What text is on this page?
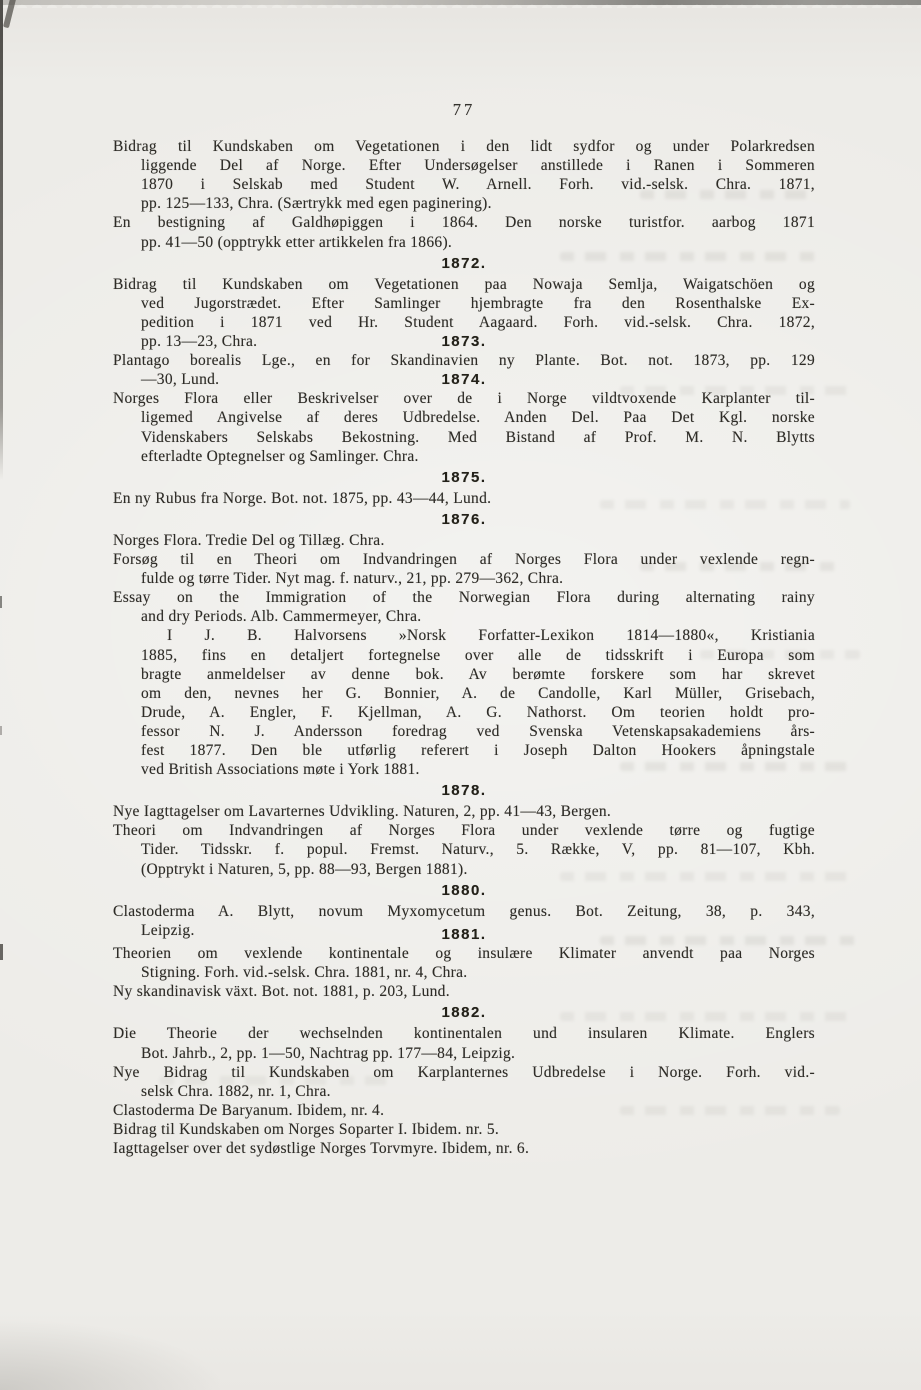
77
Bidrag til Kundskaben om Vegetationen i den lidt sydfor og under Polarkredsen
liggende Del af Norge. Efter Undersøgelser anstillede i Ranen i Sommeren
1870 i Selskab med Student W. Arnell. Forh. vid.-selsk. Chra. 1871,
pp. 125—133, Chra. (Særtrykk med egen paginering).
En bestigning af Galdhøpiggen i 1864. Den norske turistfor. aarbog 1871
pp. 41—50 (opptrykk etter artikkelen fra 1866).
1872.
Bidrag til Kundskaben om Vegetationen paa Nowaja Semlja, Waigatschöen og
ved Jugorstrædet. Efter Samlinger hjembragte fra den Rosenthalske Ex-
pedition i 1871 ved Hr. Student Aagaard. Forh. vid.-selsk. Chra. 1872,
pp. 13—23, Chra.	1873.
Plantago borealis Lge., en for Skandinavien ny Plante. Bot. not. 1873, pp. 129
—30, Lund.	1874.
Norges Flora eller Beskrivelser over de i Norge vildtvoxende Karplanter til-
ligemed Angivelse af deres Udbredelse. Anden Del. Paa Det Kgl. norske
Videnskabers Selskabs Bekostning. Med Bistand af Prof. M. N. Blytts
efterladte Optegnelser og Samlinger. Chra.
1875.
En ny Rubus fra Norge. Bot. not. 1875, pp. 43—44, Lund.
1876.
Norges Flora. Tredie Del og Tillæg. Chra.
Forsøg til en Theori om Indvandringen af Norges Flora under vexlende regn-
fulde og tørre Tider. Nyt mag. f. naturv., 21, pp. 279—362, Chra.
Essay on the Immigration of the Norwegian Flora during alternating rainy
and dry Periods. Alb. Cammermeyer, Chra.
I J. B. Halvorsens »Norsk Forfatter-Lexikon 1814—1880«, Kristiania
1885, fins en detaljert fortegnelse over alle de tidsskrift i Europa som
bragte anmeldelser av denne bok. Av berømte forskere som har skrevet
om den, nevnes her G. Bonnier, A. de Candolle, Karl Müller, Grisebach,
Drude, A. Engler, F. Kjellman, A. G. Nathorst. Om teorien holdt pro-
fessor N. J. Andersson foredrag ved Svenska Vetenskapsakademiens års-
fest 1877. Den ble utførlig referert i Joseph Dalton Hookers åpningstale
ved British Associations møte i York 1881.
1878.
Nye Iagttagelser om Lavarternes Udvikling. Naturen, 2, pp. 41—43, Bergen.
Theori om Indvandringen af Norges Flora under vexlende tørre og fugtige
Tider. Tidsskr. f. popul. Fremst. Naturv., 5. Række, V, pp. 81—107, Kbh.
(Opptrykt i Naturen, 5, pp. 88—93, Bergen 1881).
1880.
Clastoderma A. Blytt, novum Myxomycetum genus. Bot. Zeitung, 38, p. 343,
Leipzig.	1881.
Theorien om vexlende kontinentale og insulære Klimater anvendt paa Norges
Stigning. Forh. vid.-selsk. Chra. 1881, nr. 4, Chra.
Ny skandinavisk växt. Bot. not. 1881, p. 203, Lund.
1882.
Die Theorie der wechselnden kontinentalen und insularen Klimate. Englers
Bot. Jahrb., 2, pp. 1—50, Nachtrag pp. 177—84, Leipzig.
Nye Bidrag til Kundskaben om Karplanternes Udbredelse i Norge. Forh. vid.-
selsk Chra. 1882, nr. 1, Chra.
Clastoderma De Baryanum. Ibidem, nr. 4.
Bidrag til Kundskaben om Norges Soparter I. Ibidem. nr. 5.
Iagttagelser over det sydøstlige Norges Torvmyre. Ibidem, nr. 6.
